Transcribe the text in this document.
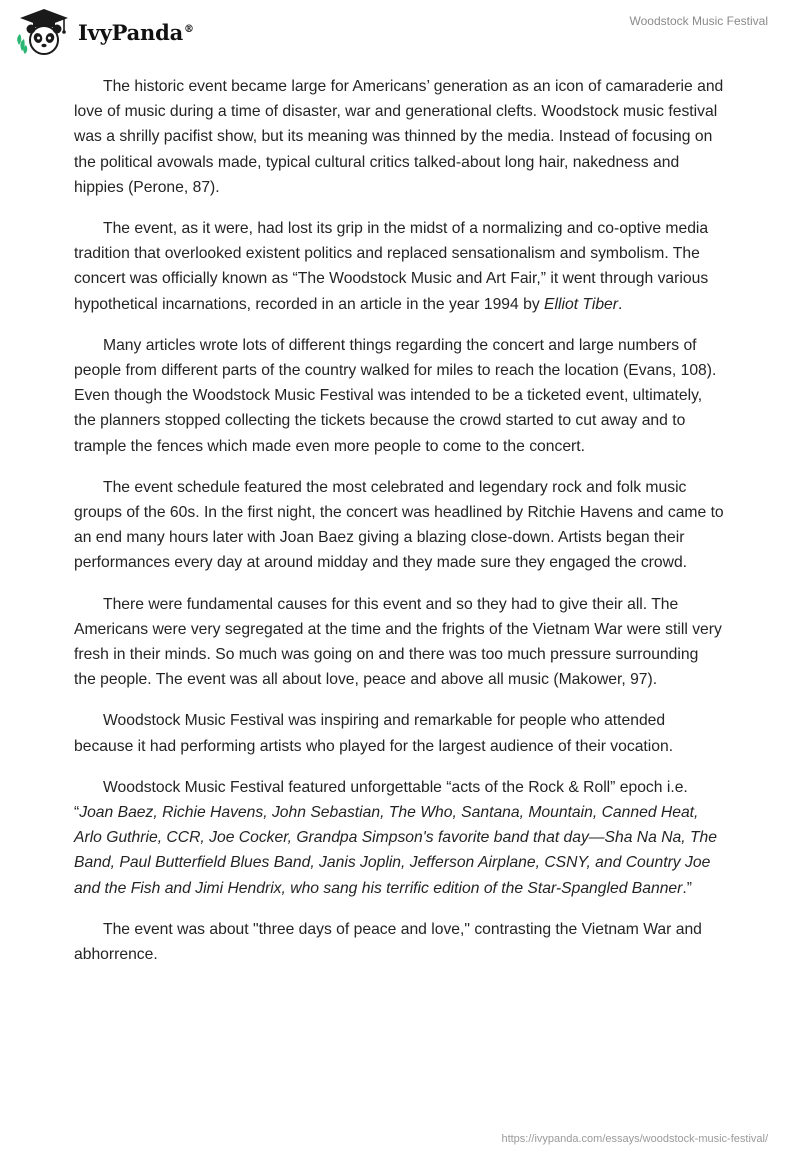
IvyPanda®
Woodstock Music Festival

The historic event became large for Americans’ generation as an icon of camaraderie and love of music during a time of disaster, war and generational clefts. Woodstock music festival was a shrilly pacifist show, but its meaning was thinned by the media. Instead of focusing on the political avowals made, typical cultural critics talked-about long hair, nakedness and hippies (Perone, 87).

The event, as it were, had lost its grip in the midst of a normalizing and co-optive media tradition that overlooked existent politics and replaced sensationalism and symbolism. The concert was officially known as “The Woodstock Music and Art Fair,” it went through various hypothetical incarnations, recorded in an article in the year 1994 by Elliot Tiber.

Many articles wrote lots of different things regarding the concert and large numbers of people from different parts of the country walked for miles to reach the location (Evans, 108). Even though the Woodstock Music Festival was intended to be a ticketed event, ultimately, the planners stopped collecting the tickets because the crowd started to cut away and to trample the fences which made even more people to come to the concert.

The event schedule featured the most celebrated and legendary rock and folk music groups of the 60s. In the first night, the concert was headlined by Ritchie Havens and came to an end many hours later with Joan Baez giving a blazing close-down. Artists began their performances every day at around midday and they made sure they engaged the crowd.

There were fundamental causes for this event and so they had to give their all. The Americans were very segregated at the time and the frights of the Vietnam War were still very fresh in their minds. So much was going on and there was too much pressure surrounding the people. The event was all about love, peace and above all music (Makower, 97).

Woodstock Music Festival was inspiring and remarkable for people who attended because it had performing artists who played for the largest audience of their vocation.

Woodstock Music Festival featured unforgettable “acts of the Rock & Roll” epoch i.e. “Joan Baez, Richie Havens, John Sebastian, The Who, Santana, Mountain, Canned Heat, Arlo Guthrie, CCR, Joe Cocker, Grandpa Simpson's favorite band that day—Sha Na Na, The Band, Paul Butterfield Blues Band, Janis Joplin, Jefferson Airplane, CSNY, and Country Joe and the Fish and Jimi Hendrix, who sang his terrific edition of the Star-Spangled Banner.”

The event was about "three days of peace and love," contrasting the Vietnam War and abhorrence.

https://ivypanda.com/essays/woodstock-music-festival/
